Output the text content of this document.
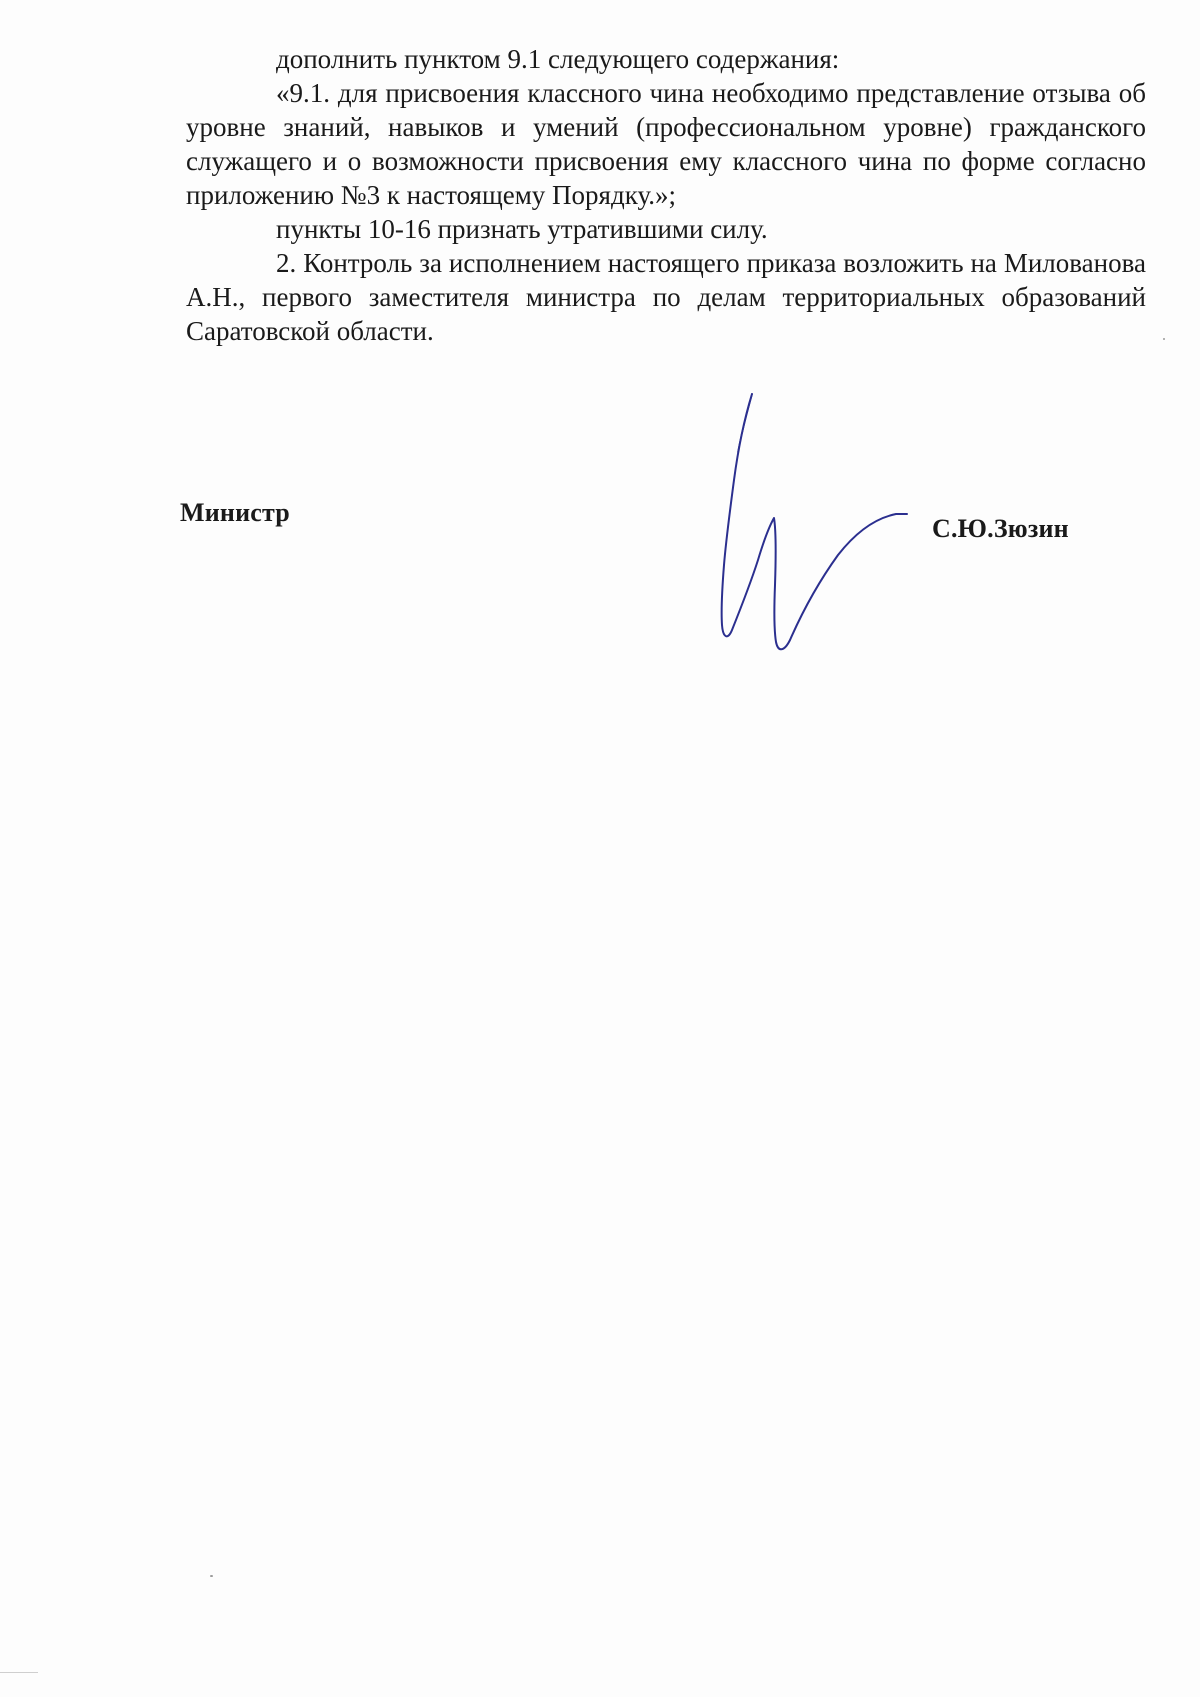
дополнить пунктом 9.1 следующего содержания:

«9.1. для присвоения классного чина необходимо представление отзыва об уровне знаний, навыков и умений (профессиональном уровне) гражданского служащего и о возможности присвоения ему классного чина по форме согласно приложению №3 к настоящему Порядку.»;

пункты 10-16 признать утратившими силу.

2. Контроль за исполнением настоящего приказа возложить на Милованова А.Н., первого заместителя министра по делам территориальных образований Саратовской области.

Министр
С.Ю.Зюзин
